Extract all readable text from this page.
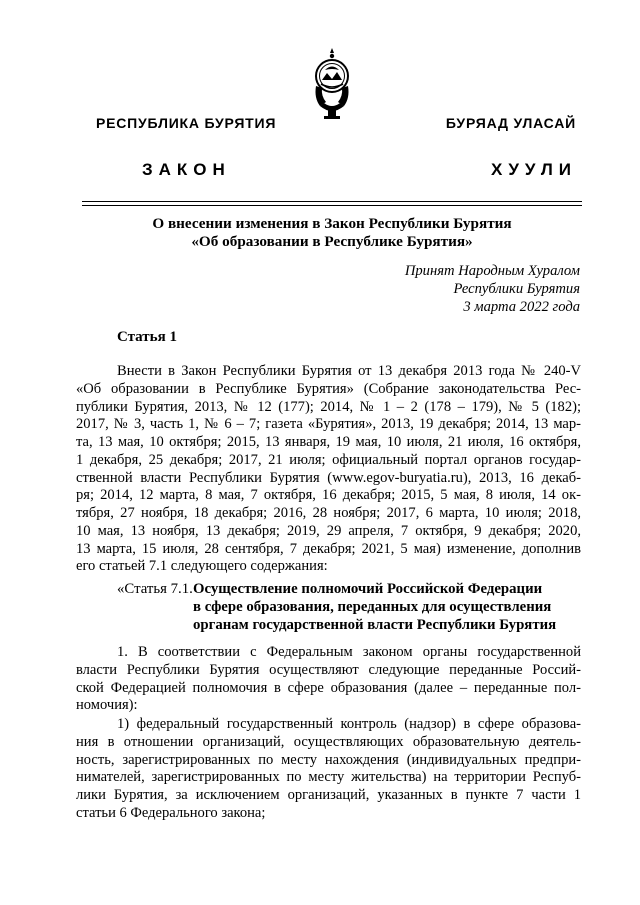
РЕСПУБЛИКА БУРЯТИЯ	БУРЯАД УЛАСАЙ
ЗАКОН	ХУУЛИ
О внесении изменения в Закон Республики Бурятия
«Об образовании в Республике Бурятия»
Принят Народным Хуралом
Республики Бурятия
3 марта 2022 года
Статья 1
Внести в Закон Республики Бурятия от 13 декабря 2013 года № 240-V
«Об образовании в Республике Бурятия» (Собрание законодательства Рес-
публики Бурятия, 2013, № 12 (177); 2014, № 1 – 2 (178 – 179), № 5 (182);
2017, № 3, часть 1, № 6 – 7; газета «Бурятия», 2013, 19 декабря; 2014, 13 мар-
та, 13 мая, 10 октября; 2015, 13 января, 19 мая, 10 июля, 21 июля, 16 октября,
1 декабря, 25 декабря; 2017, 21 июля; официальный портал органов государ-
ственной власти Республики Бурятия (www.egov-buryatia.ru), 2013, 16 декаб-
ря; 2014, 12 марта, 8 мая, 7 октября, 16 декабря; 2015, 5 мая, 8 июля, 14 ок-
тября, 27 ноября, 18 декабря; 2016, 28 ноября; 2017, 6 марта, 10 июля; 2018,
10 мая, 13 ноября, 13 декабря; 2019, 29 апреля, 7 октября, 9 декабря; 2020,
13 марта, 15 июля, 28 сентября, 7 декабря; 2021, 5 мая) изменение, дополнив
его статьей 7.1 следующего содержания:
«Статья 7.1. Осуществление полномочий Российской Федерации
в сфере образования, переданных для осуществления
органам государственной власти Республики Бурятия
1. В соответствии с Федеральным законом органы государственной
власти Республики Бурятия осуществляют следующие переданные Россий-
ской Федерацией полномочия в сфере образования (далее – переданные пол-
номочия):
1) федеральный государственный контроль (надзор) в сфере образова-
ния в отношении организаций, осуществляющих образовательную деятель-
ность, зарегистрированных по месту нахождения (индивидуальных предпри-
нимателей, зарегистрированных по месту жительства) на территории Респуб-
лики Бурятия, за исключением организаций, указанных в пункте 7 части 1
статьи 6 Федерального закона;
